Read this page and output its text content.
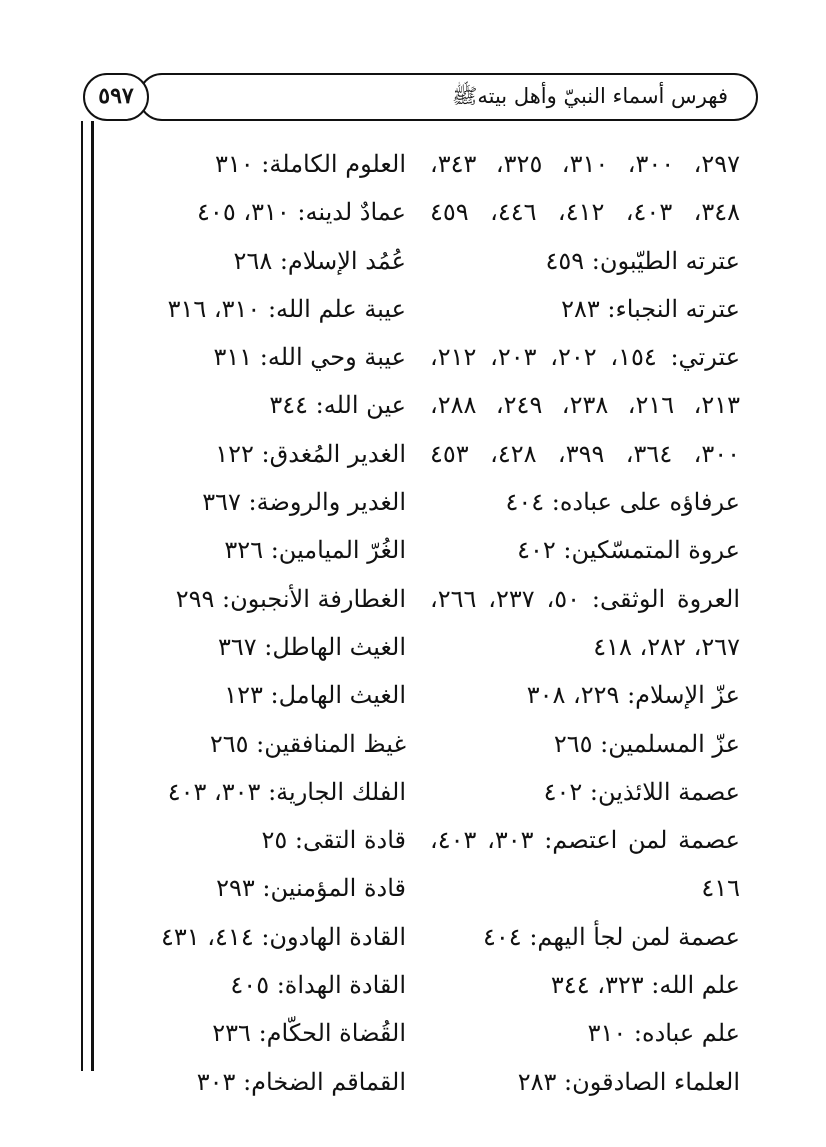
فهرس أسماء النبيّ وأهل بيتهﷺ
٥٩٧
٢٩٧، ٣٠٠، ٣١٠، ٣٢٥، ٣٤٣،
٣٤٨، ٤٠٣، ٤١٢، ٤٤٦، ٤٥٩
عترته الطيّبون: ٤٥٩
عترته النجباء: ٢٨٣
عترتي: ١٥٤، ٢٠٢، ٢٠٣، ٢١٢،
٢١٣، ٢١٦، ٢٣٨، ٢٤٩، ٢٨٨،
٣٠٠، ٣٦٤، ٣٩٩، ٤٢٨، ٤٥٣
عرفاؤه على عباده: ٤٠٤
عروة المتمسّكين: ٤٠٢
العروة الوثقى: ٥٠، ٢٣٧، ٢٦٦،
٢٦٧، ٢٨٢، ٤١٨
عزّ الإسلام: ٢٢٩، ٣٠٨
عزّ المسلمين: ٢٦٥
عصمة اللائذين: ٤٠٢
عصمة لمن اعتصم: ٣٠٣، ٤٠٣،
٤١٦
عصمة لمن لجأ اليهم: ٤٠٤
علم الله: ٣٢٣، ٣٤٤
علم عباده: ٣١٠
العلماء الصادقون: ٢٨٣
العلوم الكاملة: ٣١٠
عمادٌ لدينه: ٣١٠، ٤٠٥
عُمُد الإسلام: ٢٦٨
عيبة علم الله: ٣١٠، ٣١٦
عيبة وحي الله: ٣١١
عين الله: ٣٤٤
الغدير المُغدق: ١٢٢
الغدير والروضة: ٣٦٧
الغُرّ الميامين: ٣٢٦
الغطارفة الأنجبون: ٢٩٩
الغيث الهاطل: ٣٦٧
الغيث الهامل: ١٢٣
غيظ المنافقين: ٢٦٥
الفلك الجارية: ٣٠٣، ٤٠٣
قادة التقى: ٢٥
قادة المؤمنين: ٢٩٣
القادة الهادون: ٤١٤، ٤٣١
القادة الهداة: ٤٠٥
القُضاة الحكّام: ٢٣٦
القماقم الضخام: ٣٠٣
